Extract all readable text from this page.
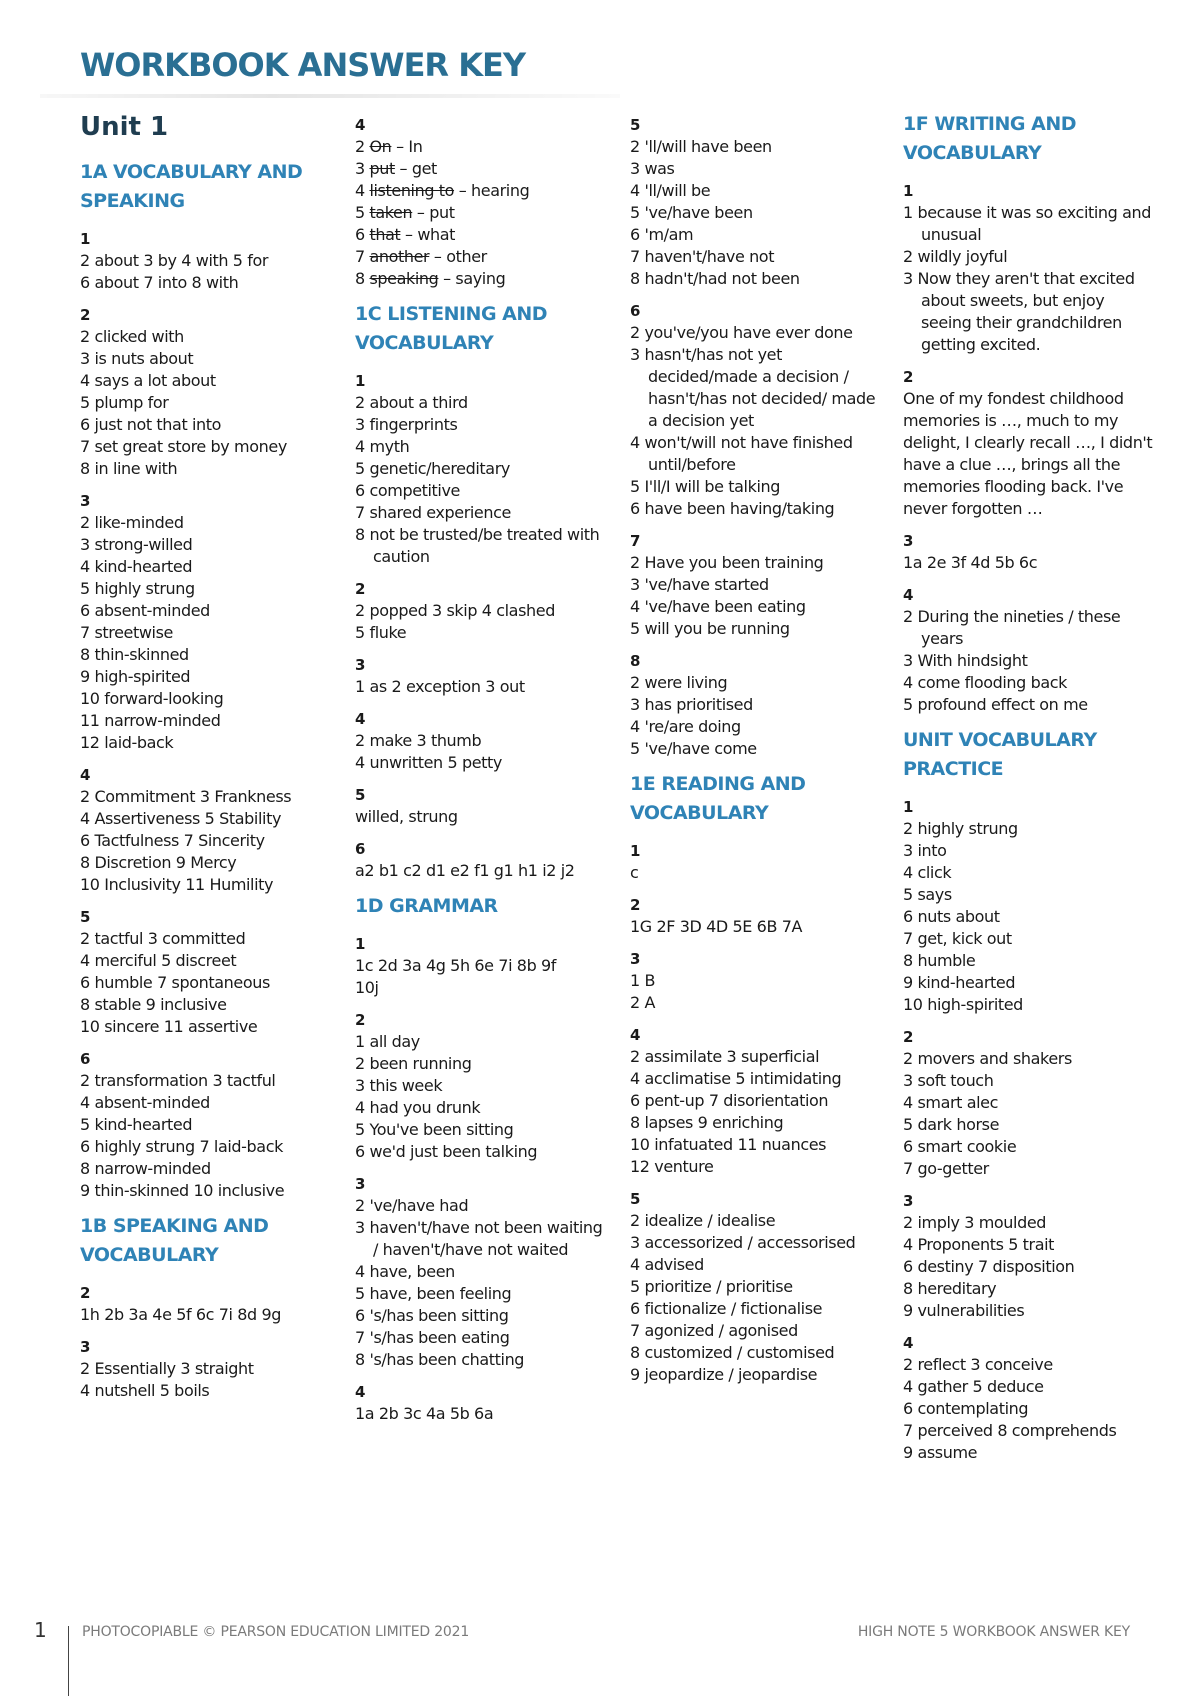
WORKBOOK ANSWER KEY
Unit 1
1A VOCABULARY AND SPEAKING
1
2 about 3 by 4 with 5 for
6 about 7 into 8 with
2
2 clicked with
3 is nuts about
4 says a lot about
5 plump for
6 just not that into
7 set great store by money
8 in line with
3
2 like-minded
3 strong-willed
4 kind-hearted
5 highly strung
6 absent-minded
7 streetwise
8 thin-skinned
9 high-spirited
10 forward-looking
11 narrow-minded
12 laid-back
4
2 Commitment 3 Frankness
4 Assertiveness 5 Stability
6 Tactfulness 7 Sincerity
8 Discretion 9 Mercy
10 Inclusivity 11 Humility
5
2 tactful 3 committed
4 merciful 5 discreet
6 humble 7 spontaneous
8 stable 9 inclusive
10 sincere 11 assertive
6
2 transformation 3 tactful
4 absent-minded
5 kind-hearted
6 highly strung 7 laid-back
8 narrow-minded
9 thin-skinned 10 inclusive
1B SPEAKING AND VOCABULARY
2
1h 2b 3a 4e 5f 6c 7i 8d 9g
3
2 Essentially 3 straight
4 nutshell 5 boils
4
2 On – In
3 put – get
4 listening to – hearing
5 taken – put
6 that – what
7 another – other
8 speaking – saying
1C LISTENING AND VOCABULARY
1
2 about a third
3 fingerprints
4 myth
5 genetic/hereditary
6 competitive
7 shared experience
8 not be trusted/be treated with caution
2
2 popped 3 skip 4 clashed
5 fluke
3
1 as 2 exception 3 out
4
2 make 3 thumb
4 unwritten 5 petty
5
willed, strung
6
a2 b1 c2 d1 e2 f1 g1 h1 i2 j2
1D GRAMMAR
1
1c 2d 3a 4g 5h 6e 7i 8b 9f
10j
2
1 all day
2 been running
3 this week
4 had you drunk
5 You've been sitting
6 we'd just been talking
3
2 've/have had
3 haven't/have not been waiting / haven't/have not waited
4 have, been
5 have, been feeling
6 's/has been sitting
7 's/has been eating
8 's/has been chatting
4
1a 2b 3c 4a 5b 6a
5
2 'll/will have been
3 was
4 'll/will be
5 've/have been
6 'm/am
7 haven't/have not
8 hadn't/had not been
6
2 you've/you have ever done
3 hasn't/has not yet decided/made a decision / hasn't/has not decided/ made a decision yet
4 won't/will not have finished until/before
5 I'll/I will be talking
6 have been having/taking
7
2 Have you been training
3 've/have started
4 've/have been eating
5 will you be running
8
2 were living
3 has prioritised
4 're/are doing
5 've/have come
1E READING AND VOCABULARY
1
c
2
1G 2F 3D 4D 5E 6B 7A
3
1 B
2 A
4
2 assimilate 3 superficial
4 acclimatise 5 intimidating
6 pent-up 7 disorientation
8 lapses 9 enriching
10 infatuated 11 nuances
12 venture
5
2 idealize / idealise
3 accessorized / accessorised
4 advised
5 prioritize / prioritise
6 fictionalize / fictionalise
7 agonized / agonised
8 customized / customised
9 jeopardize / jeopardise
1F WRITING AND VOCABULARY
1
1 because it was so exciting and unusual
2 wildly joyful
3 Now they aren't that excited about sweets, but enjoy seeing their grandchildren getting excited.
2
One of my fondest childhood memories is …, much to my delight, I clearly recall …, I didn't have a clue …, brings all the memories flooding back. I've never forgotten …
3
1a 2e 3f 4d 5b 6c
4
2 During the nineties / these years
3 With hindsight
4 come flooding back
5 profound effect on me
UNIT VOCABULARY PRACTICE
1
2 highly strung
3 into
4 click
5 says
6 nuts about
7 get, kick out
8 humble
9 kind-hearted
10 high-spirited
2
2 movers and shakers
3 soft touch
4 smart alec
5 dark horse
6 smart cookie
7 go-getter
3
2 imply 3 moulded
4 Proponents 5 trait
6 destiny 7 disposition
8 hereditary
9 vulnerabilities
4
2 reflect 3 conceive
4 gather 5 deduce
6 contemplating
7 perceived 8 comprehends
9 assume
1	PHOTOCOPIABLE © PEARSON EDUCATION LIMITED 2021	HIGH NOTE 5 WORKBOOK ANSWER KEY
